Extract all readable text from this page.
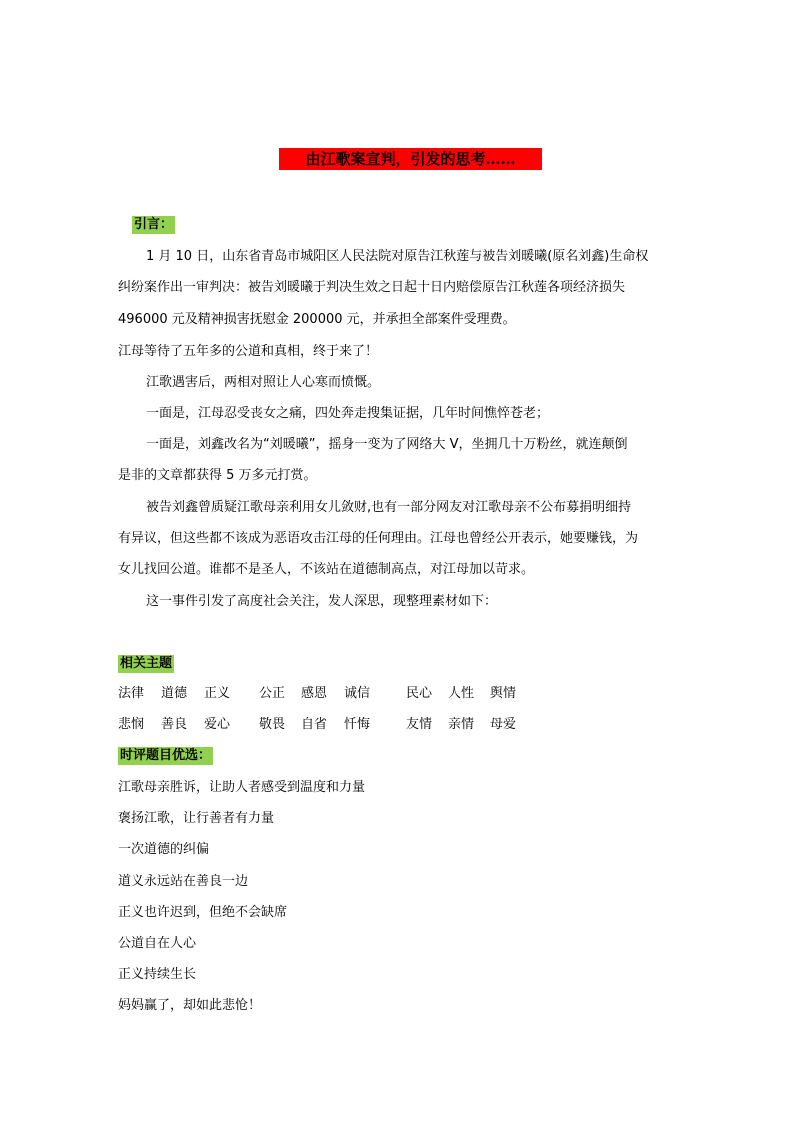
由江歌案宣判，引发的思考……
引言：
1 月 10 日，山东省青岛市城阳区人民法院对原告江秋莲与被告刘暖曦(原名刘鑫)生命权
纠纷案作出一审判决：被告刘暖曦于判决生效之日起十日内赔偿原告江秋莲各项经济损失
496000 元及精神损害抚慰金 200000 元，并承担全部案件受理费。
江母等待了五年多的公道和真相，终于来了！
江歌遇害后，两相对照让人心寒而愤慨。
一面是，江母忍受丧女之痛，四处奔走搜集证据，几年时间憔悴苍老；
一面是，刘鑫改名为“刘暖曦”，摇身一变为了网络大 V，坐拥几十万粉丝，就连颠倒
是非的文章都获得 5 万多元打赏。
被告刘鑫曾质疑江歌母亲利用女儿敛财,也有一部分网友对江歌母亲不公布募捐明细持
有异议，但这些都不该成为恶语攻击江母的任何理由。江母也曾经公开表示，她要赚钱，为
女儿找回公道。谁都不是圣人，不该站在道德制高点，对江母加以苛求。
这一事件引发了高度社会关注，发人深思，现整理素材如下：
相关主题
法律 道德 正义 公正 感恩 诚信	民心 人性 舆情
悲悯 善良 爱心 敬畏 自省 忏悔	友情 亲情 母爱
时评题目优选：
江歌母亲胜诉，让助人者感受到温度和力量
褒扬江歌，让行善者有力量
一次道德的纠偏
道义永远站在善良一边
正义也许迟到，但绝不会缺席
公道自在人心
正义持续生长
妈妈赢了，却如此悲怆！
